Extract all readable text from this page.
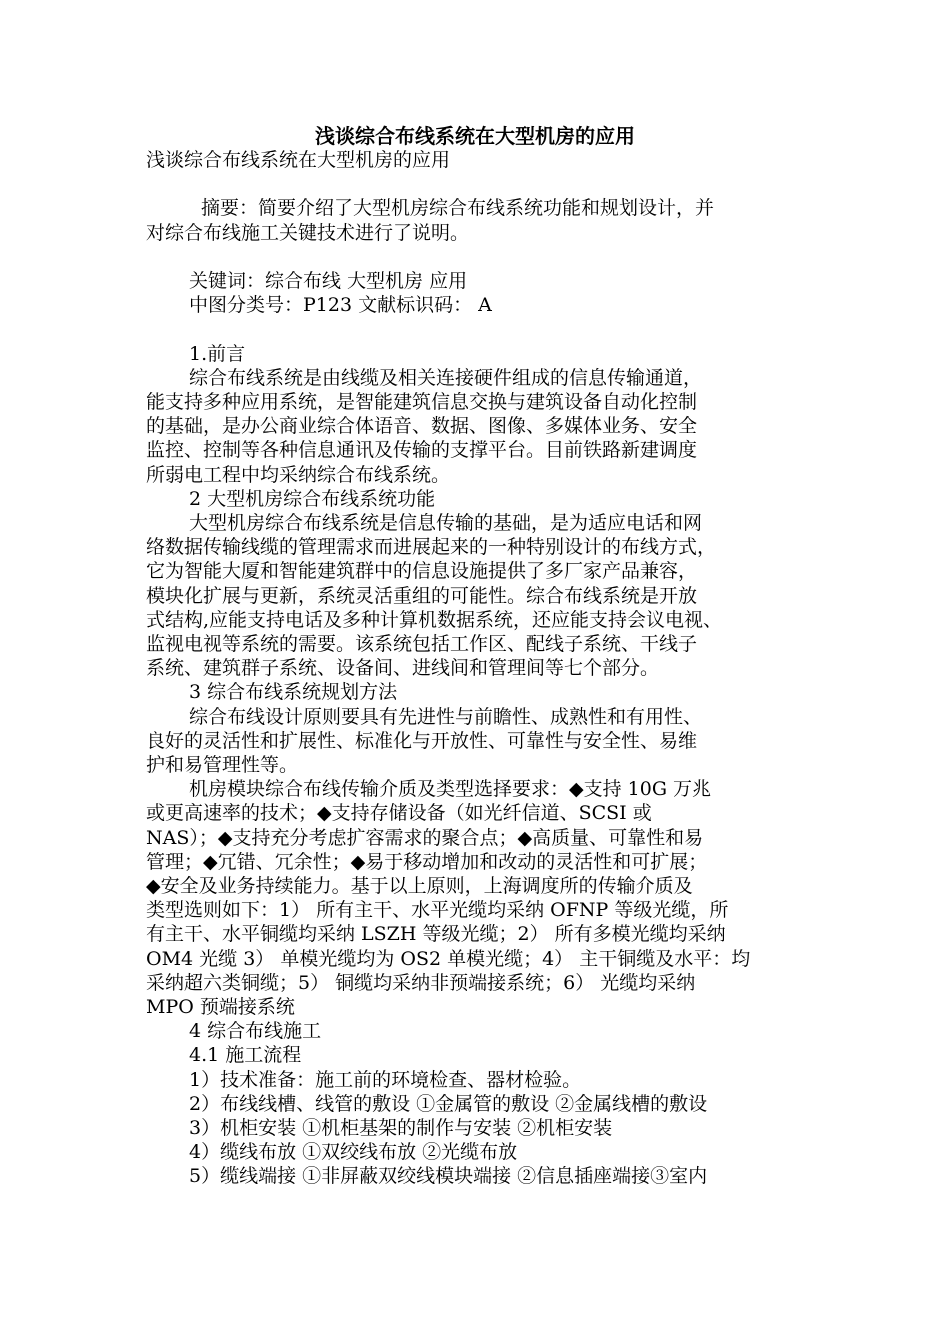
浅谈综合布线系统在大型机房的应用

浅谈综合布线系统在大型机房的应用

摘要：简要介绍了大型机房综合布线系统功能和规划设计，并

对综合布线施工关键技术进行了说明。

关键词：综合布线 大型机房 应用

中图分类号：P123 文献标识码： A

1.前言

综合布线系统是由线缆及相关连接硬件组成的信息传输通道，

能支持多种应用系统，是智能建筑信息交换与建筑设备自动化控制

的基础，是办公商业综合体语音、数据、图像、多媒体业务、安全

监控、控制等各种信息通讯及传输的支撑平台。目前铁路新建调度

所弱电工程中均采纳综合布线系统。

2 大型机房综合布线系统功能

大型机房综合布线系统是信息传输的基础，是为适应电话和网

络数据传输线缆的管理需求而进展起来的一种特别设计的布线方式，

它为智能大厦和智能建筑群中的信息设施提供了多厂家产品兼容，

模块化扩展与更新，系统灵活重组的可能性。综合布线系统是开放

式结构,应能支持电话及多种计算机数据系统，还应能支持会议电视、

监视电视等系统的需要。该系统包括工作区、配线子系统、干线子

系统、建筑群子系统、设备间、进线间和管理间等七个部分。

3 综合布线系统规划方法

综合布线设计原则要具有先进性与前瞻性、成熟性和有用性、

良好的灵活性和扩展性、标准化与开放性、可靠性与安全性、易维

护和易管理性等。

机房模块综合布线传输介质及类型选择要求：◆支持 10G 万兆

或更高速率的技术；◆支持存储设备（如光纤信道、SCSI 或

NAS）；◆支持充分考虑扩容需求的聚合点；◆高质量、可靠性和易

管理；◆冗错、冗余性；◆易于移动增加和改动的灵活性和可扩展；

◆安全及业务持续能力。基于以上原则，上海调度所的传输介质及

类型选则如下：1） 所有主干、水平光缆均采纳 OFNP 等级光缆，所

有主干、水平铜缆均采纳 LSZH 等级光缆；2） 所有多模光缆均采纳

OM4 光缆 3） 单模光缆均为 OS2 单模光缆；4） 主干铜缆及水平：均

采纳超六类铜缆；5） 铜缆均采纳非预端接系统；6） 光缆均采纳

MPO 预端接系统

4 综合布线施工

4.1 施工流程

1）技术准备：施工前的环境检查、器材检验。

2）布线线槽、线管的敷设 ①金属管的敷设 ②金属线槽的敷设

3）机柜安装 ①机柜基架的制作与安装 ②机柜安装

4）缆线布放 ①双绞线布放 ②光缆布放

5）缆线端接 ①非屏蔽双绞线模块端接 ②信息插座端接③室内
